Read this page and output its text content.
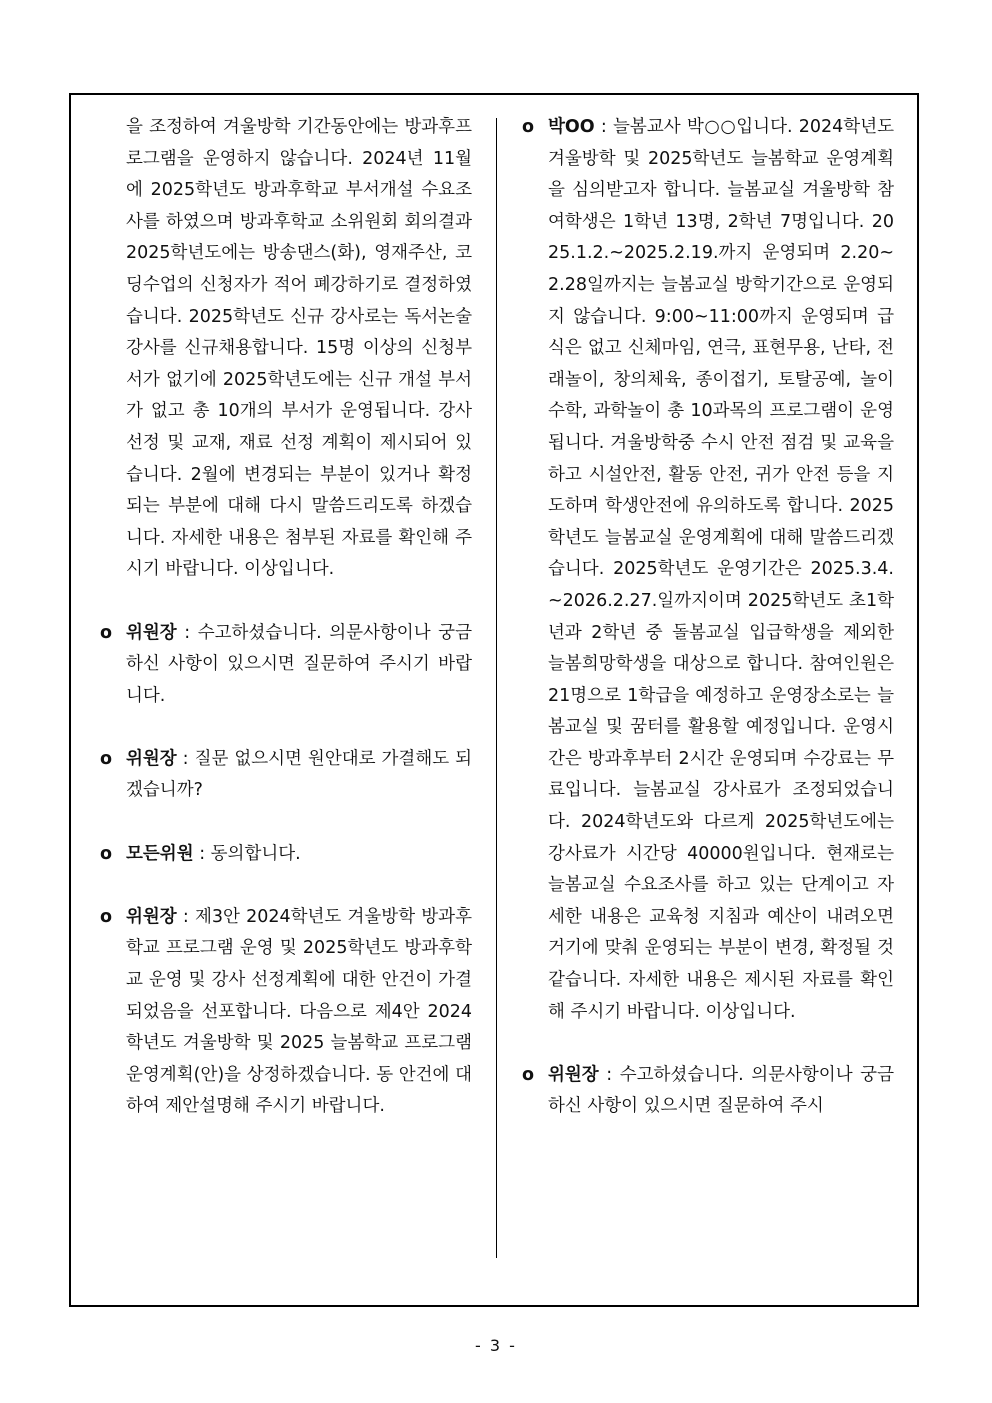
을 조정하여 겨울방학 기간동안에는 방과후프로그램을 운영하지 않습니다. 2024년 11월에 2025학년도 방과후학교 부서개설 수요조사를 하였으며 방과후학교 소위원회 회의결과 2025학년도에는 방송댄스(화), 영재주산, 코딩수업의 신청자가 적어 폐강하기로 결정하였습니다. 2025학년도 신규 강사로는 독서논술 강사를 신규채용합니다. 15명 이상의 신청부서가 없기에 2025학년도에는 신규 개설 부서가 없고 총 10개의 부서가 운영됩니다. 강사선정 및 교재, 재료 선정 계획이 제시되어 있습니다. 2월에 변경되는 부분이 있거나 확정되는 부분에 대해 다시 말씀드리도록 하겠습니다. 자세한 내용은 첨부된 자료를 확인해 주시기 바랍니다. 이상입니다.

o 위원장 : 수고하셨습니다. 의문사항이나 궁금하신 사항이 있으시면 질문하여 주시기 바랍니다.

o 위원장 : 질문 없으시면 원안대로 가결해도 되겠습니까?

o 모든위원 : 동의합니다.

o 위원장 : 제3안 2024학년도 겨울방학 방과후학교 프로그램 운영 및 2025학년도 방과후학교 운영 및 강사 선정계획에 대한 안건이 가결되었음을 선포합니다. 다음으로 제4안 2024학년도 겨울방학 및 2025 늘봄학교 프로그램 운영계획(안)을 상정하겠습니다. 동 안건에 대하여 제안설명해 주시기 바랍니다.

o 박OO : 늘봄교사 박○○입니다. 2024학년도 겨울방학 및 2025학년도 늘봄학교 운영계획을 심의받고자 합니다. 늘봄교실 겨울방학 참여학생은 1학년 13명, 2학년 7명입니다. 2025.1.2.~2025.2.19.까지 운영되며 2.20~2.28일까지는 늘봄교실 방학기간으로 운영되지 않습니다. 9:00~11:00까지 운영되며 급식은 없고 신체마임, 연극, 표현무용, 난타, 전래놀이, 창의체육, 종이접기, 토탈공예, 놀이수학, 과학놀이 총 10과목의 프로그램이 운영됩니다. 겨울방학중 수시 안전 점검 및 교육을 하고 시설안전, 활동 안전, 귀가 안전 등을 지도하며 학생안전에 유의하도록 합니다. 2025학년도 늘봄교실 운영계획에 대해 말씀드리겠습니다. 2025학년도 운영기간은 2025.3.4.~2026.2.27.일까지이며 2025학년도 초1학년과 2학년 중 돌봄교실 입급학생을 제외한 늘봄희망학생을 대상으로 합니다. 참여인원은 21명으로 1학급을 예정하고 운영장소로는 늘봄교실 및 꿈터를 활용할 예정입니다. 운영시간은 방과후부터 2시간 운영되며 수강료는 무료입니다. 늘봄교실 강사료가 조정되었습니다. 2024학년도와 다르게 2025학년도에는 강사료가 시간당 40000원입니다. 현재로는 늘봄교실 수요조사를 하고 있는 단계이고 자세한 내용은 교육청 지침과 예산이 내려오면 거기에 맞춰 운영되는 부분이 변경, 확정될 것 같습니다. 자세한 내용은 제시된 자료를 확인해 주시기 바랍니다. 이상입니다.

o 위원장 : 수고하셨습니다. 의문사항이나 궁금하신 사항이 있으시면 질문하여 주시

- 3 -
